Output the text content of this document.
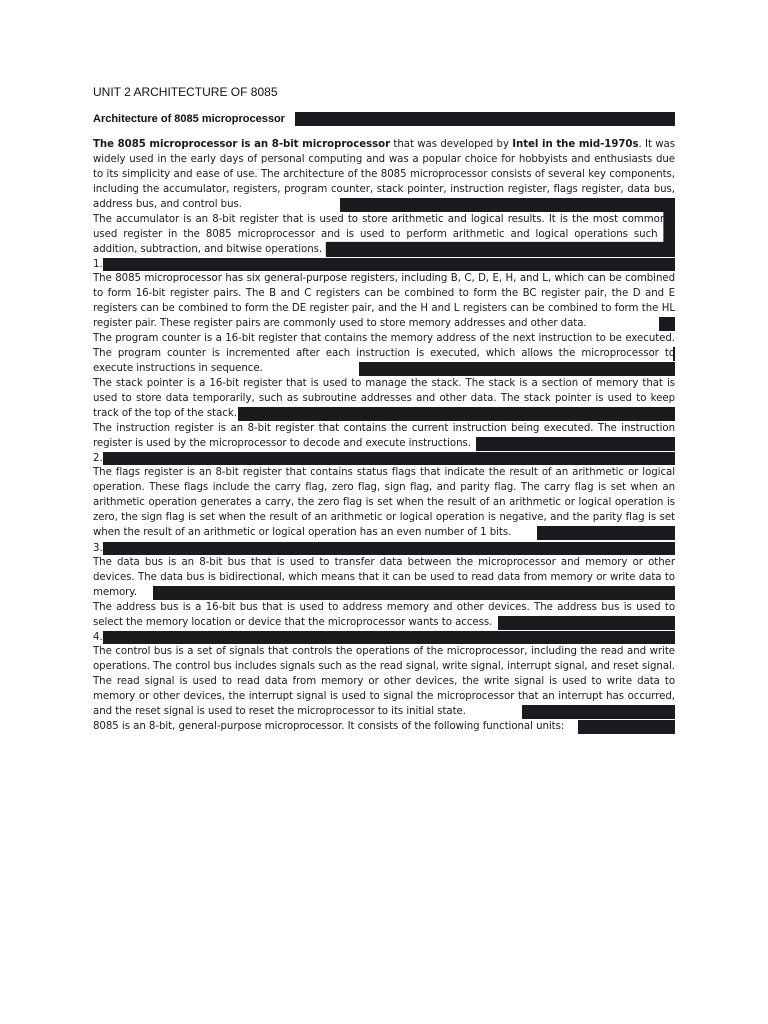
UNIT 2 ARCHITECTURE OF 8085
Architecture of 8085 microprocessor
The 8085 microprocessor is an 8-bit microprocessor that was developed by Intel in the mid-1970s. It was widely used in the early days of personal computing and was a popular choice for hobbyists and enthusiasts due to its simplicity and ease of use. The architecture of the 8085 microprocessor consists of several key components, including the accumulator, registers, program counter, stack pointer, instruction register, flags register, data bus, address bus, and control bus.
The accumulator is an 8-bit register that is used to store arithmetic and logical results. It is the most commonly used register in the 8085 microprocessor and is used to perform arithmetic and logical operations such as addition, subtraction, and bitwise operations.
1.
The 8085 microprocessor has six general-purpose registers, including B, C, D, E, H, and L, which can be combined to form 16-bit register pairs. The B and C registers can be combined to form the BC register pair, the D and E registers can be combined to form the DE register pair, and the H and L registers can be combined to form the HL register pair. These register pairs are commonly used to store memory addresses and other data.
The program counter is a 16-bit register that contains the memory address of the next instruction to be executed. The program counter is incremented after each instruction is executed, which allows the microprocessor to execute instructions in sequence.
The stack pointer is a 16-bit register that is used to manage the stack. The stack is a section of memory that is used to store data temporarily, such as subroutine addresses and other data. The stack pointer is used to keep track of the top of the stack.
The instruction register is an 8-bit register that contains the current instruction being executed. The instruction register is used by the microprocessor to decode and execute instructions.
2.
The flags register is an 8-bit register that contains status flags that indicate the result of an arithmetic or logical operation. These flags include the carry flag, zero flag, sign flag, and parity flag. The carry flag is set when an arithmetic operation generates a carry, the zero flag is set when the result of an arithmetic or logical operation is zero, the sign flag is set when the result of an arithmetic or logical operation is negative, and the parity flag is set when the result of an arithmetic or logical operation has an even number of 1 bits.
3.
The data bus is an 8-bit bus that is used to transfer data between the microprocessor and memory or other devices. The data bus is bidirectional, which means that it can be used to read data from memory or write data to memory.
The address bus is a 16-bit bus that is used to address memory and other devices. The address bus is used to select the memory location or device that the microprocessor wants to access.
4.
The control bus is a set of signals that controls the operations of the microprocessor, including the read and write operations. The control bus includes signals such as the read signal, write signal, interrupt signal, and reset signal. The read signal is used to read data from memory or other devices, the write signal is used to write data to memory or other devices, the interrupt signal is used to signal the microprocessor that an interrupt has occurred, and the reset signal is used to reset the microprocessor to its initial state.
8085 is an 8-bit, general-purpose microprocessor. It consists of the following functional units:
